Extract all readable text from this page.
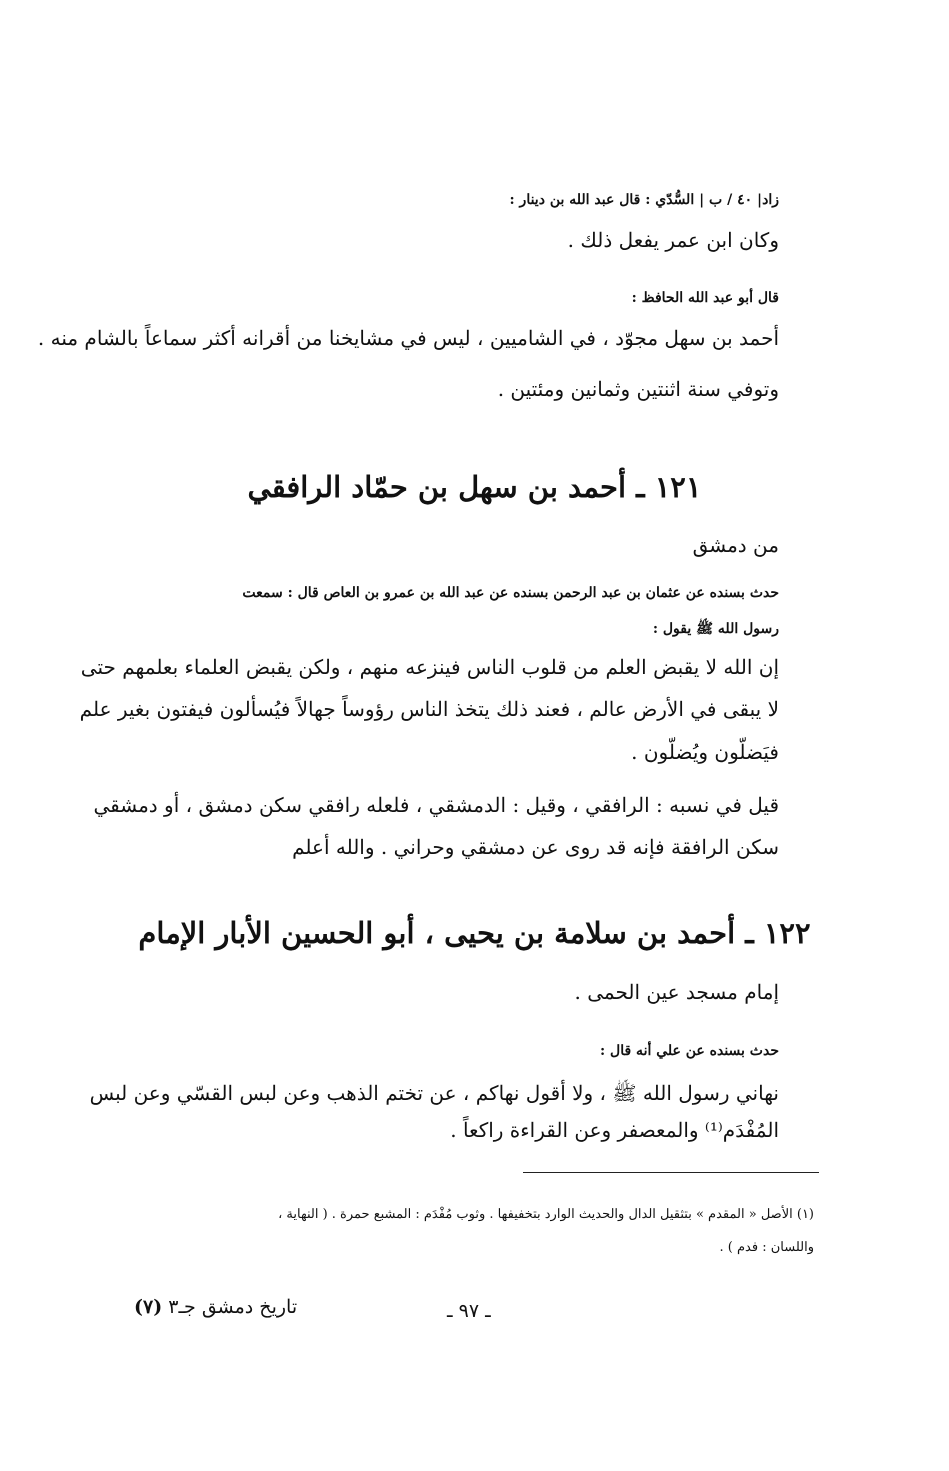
زاد| ٤٠ / ب | السُّدّي : قال عبد الله بن دينار :
وكان ابن عمر يفعل ذلك .
قال أبو عبد الله الحافظ :
أحمد بن سهل مجوّد ، في الشاميين ، ليس في مشايخنا من أقرانه أكثر سماعاً بالشام منه .
وتوفي سنة اثنتين وثمانين ومئتين .
١٢١ ـ أحمد بن سهل بن حمّاد الرافقي
من دمشق
حدث بسنده عن عثمان بن عبد الرحمن بسنده عن عبد الله بن عمرو بن العاص قال : سمعت
رسول الله ﷺ يقول :
إن الله لا يقبض العلم من قلوب الناس فينزعه منهم ، ولكن يقبض العلماء بعلمهم حتى
لا يبقى في الأرض عالم ، فعند ذلك يتخذ الناس رؤوساً جهالاً فيُسألون فيفتون بغير علم
فيَضلّون ويُضلّون .
قيل في نسبه : الرافقي ، وقيل : الدمشقي ، فلعله رافقي سكن دمشق ، أو دمشقي
سكن الرافقة فإنه قد روى عن دمشقي وحراني . والله أعلم
١٢٢ ـ أحمد بن سلامة بن يحيى ، أبو الحسين الأبار الإمام
إمام مسجد عين الحمى .
حدث بسنده عن علي أنه قال :
نهاني رسول الله ﷺ ، ولا أقول نهاكم ، عن تختم الذهب وعن لبس القسّي وعن لبس
المُفْدَم⁽¹⁾ والمعصفر وعن القراءة راكعاً .
(١) الأصل « المقدم » بتثقيل الدال والحديث الوارد بتخفيفها . وثوب مُفْدَم : المشبع حمرة . ( النهاية ،
واللسان : فدم ) .
تاريخ دمشق جـ٣ (٧)	ـ ٩٧ ـ
